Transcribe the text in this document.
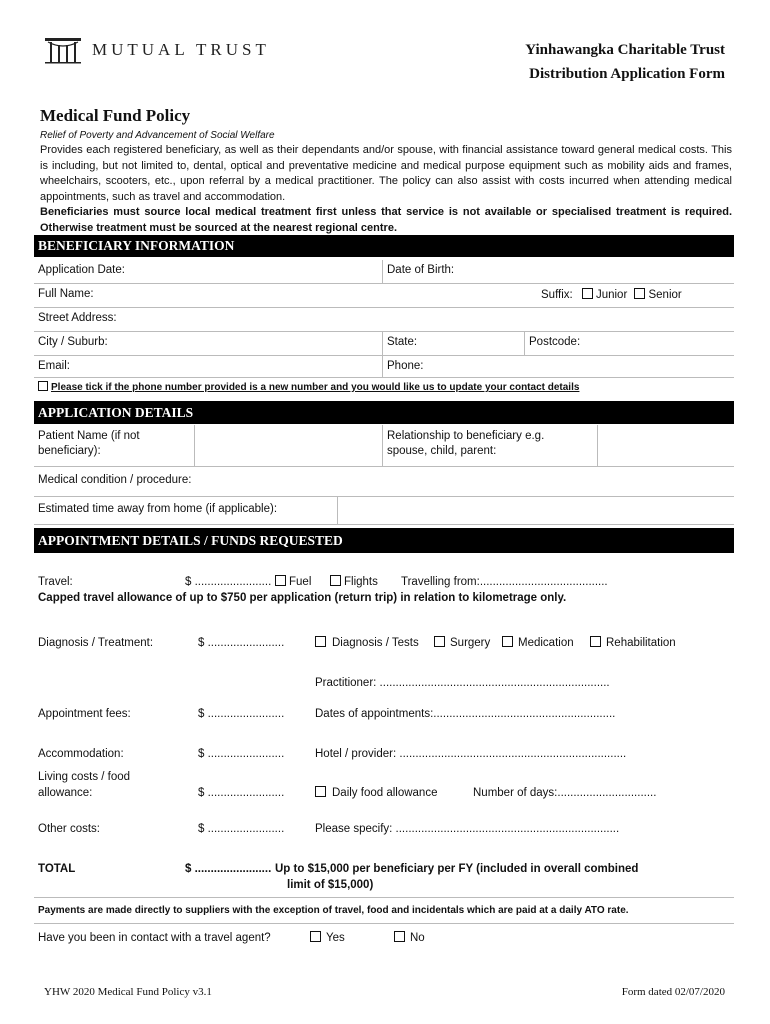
MUTUAL TRUST	Yinhawangka Charitable Trust
Distribution Application Form
Medical Fund Policy
Relief of Poverty and Advancement of Social Welfare
Provides each registered beneficiary, as well as their dependants and/or spouse, with financial assistance toward general medical costs. This is including, but not limited to, dental, optical and preventative medicine and medical purpose equipment such as mobility aids and frames, wheelchairs, scooters, etc., upon referral by a medical practitioner. The policy can also assist with costs incurred when attending medical appointments, such as travel and accommodation.
Beneficiaries must source local medical treatment first unless that service is not available or specialised treatment is required. Otherwise treatment must be sourced at the nearest regional centre.
BENEFICIARY INFORMATION
Application Date:	Date of Birth:
Full Name:	Suffix: Junior Senior
Street Address:
City / Suburb:	State:	Postcode:
Email:	Phone:
Please tick if the phone number provided is a new number and you would like us to update your contact details
APPLICATION DETAILS
Patient Name (if not
beneficiary):
Relationship to beneficiary e.g.
spouse, child, parent:
Medical condition / procedure:
Estimated time away from home (if applicable):
APPOINTMENT DETAILS / FUNDS REQUESTED
Travel:	$ ........................	Fuel	Flights Travelling from:........................................
Capped travel allowance of up to $750 per application (return trip) in relation to kilometrage only.
Diagnosis / Treatment:	$ ........................	Diagnosis / Tests	Surgery	Medication	Rehabilitation
Practitioner: ........................................................................
Appointment fees:	$ ........................	Dates of appointments:.........................................................
Accommodation:	$ ........................	Hotel / provider: .......................................................................
Living costs / food
allowance:	$ ........................	Daily food allowance	Number of days:...............................
Other costs:	$ ........................	Please specify: ......................................................................
TOTAL	$ ........................ Up to $15,000 per beneficiary per FY (included in overall combined
limit of $15,000)
Payments are made directly to suppliers with the exception of travel, food and incidentals which are paid at a daily ATO rate.
Have you been in contact with a travel agent?	Yes	No
YHW 2020 Medical Fund Policy v3.1	Form dated 02/07/2020
